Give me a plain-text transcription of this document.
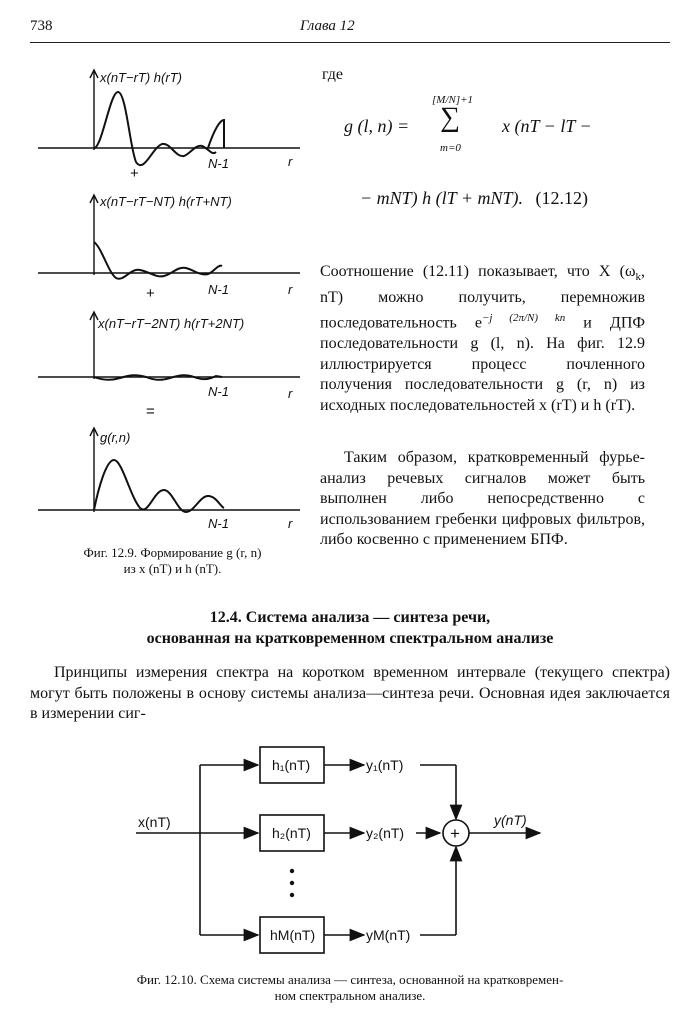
738	Глава 12
x(nT−rT) h(rT)
N-1	r
+
x(nT−rT−NT) h(rT+NT)
N-1	r
+
x(nT−rT−2NT) h(rT+2NT)
N-1	r
=
g(r,n)
N-1	r
Фиг. 12.9. Формирование g (r, n)
из x (nT) и h (nT).
где
g (l, n) =
[M/N]+1
∑
m=0
x (nT − lT −
− mNT) h (lT + mNT). (12.12)

Соотношение (12.11) показывает, что X ($\omega_k$, nT) можно получить, перемножив последовательность $e^{-j (2\pi/N) kn}$ и ДПФ последовательности g (l, n). На фиг. 12.9 иллюстрируется процесс почленного получения последовательности g (r, n) из исходных последовательностей x (rT) и h (rT).

Таким образом, кратковременный фурье-анализ речевых сигналов может быть выполнен либо непосредственно с использованием гребенки цифровых фильтров, либо косвенно с применением БПФ.

12.4. Система анализа — синтеза речи,
основанная на кратковременном спектральном анализе

Принципы измерения спектра на коротком временном интервале (текущего спектра) могут быть положены в основу системы анализа—синтеза речи. Основная идея заключается в измерении сиг-

x(nT)
h₁(nT)
h₂(nT)
hM(nT)
y₁(nT)
y₂(nT)
yM(nT)
+
y(nT)
Фиг. 12.10. Схема системы анализа — синтеза, основанной на кратковремен-
ном спектральном анализе.
